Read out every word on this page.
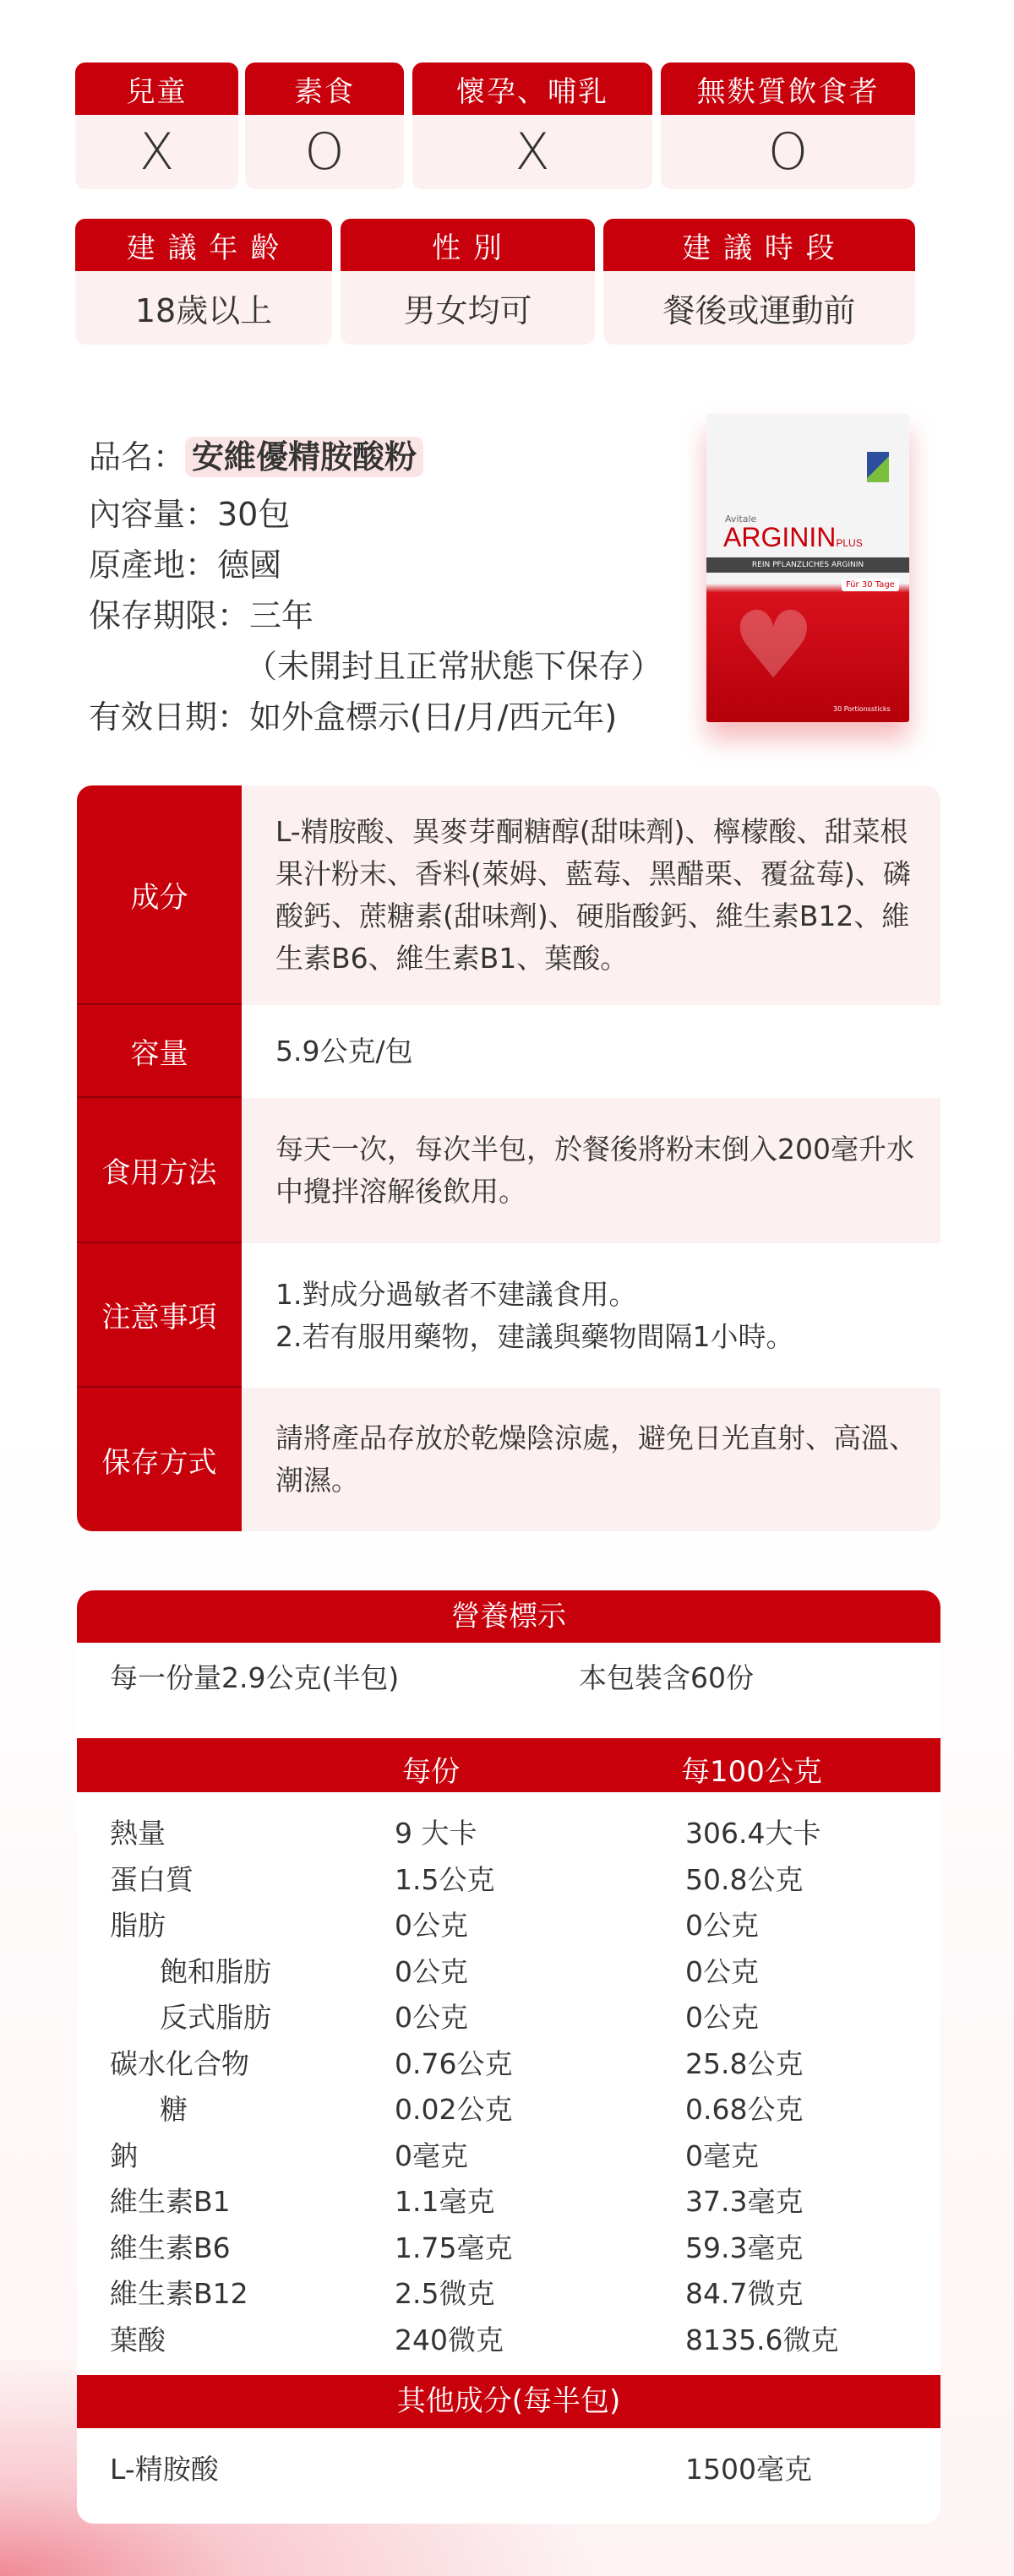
品名： 安維優精胺酸粉
內容量：30包
原產地：德國
保存期限：三年
（未開封且正常狀態下保存）
有效日期：如外盒標示(日/月/西元年)
Avitale
ARGININPLUS
REIN PFLANZLICHES ARGININ
Für 30 Tage
♥
30 Portionssticks
成分
L-精胺酸、異麥芽酮糖醇(甜味劑)、檸檬酸、甜菜根果汁粉末、香料(萊姆、藍莓、黑醋栗、覆盆莓)、磷酸鈣、蔗糖素(甜味劑)、硬脂酸鈣、維生素B12、維生素B6、維生素B1、葉酸。
容量	5.9公克/包
食用方法
每天一次，每次半包，於餐後將粉末倒入200毫升水中攪拌溶解後飲用。
注意事項
1.對成分過敏者不建議食用。
2.若有服用藥物，建議與藥物間隔1小時。
保存方式
請將產品存放於乾燥陰涼處，避免日光直射、高溫、潮濕。
營養標示
每一份量2.9公克(半包)	本包裝含60份
每份	每100公克
熱量	9 大卡	306.4大卡
蛋白質	1.5公克	50.8公克
脂肪	0公克	0公克
飽和脂肪	0公克	0公克
反式脂肪	0公克	0公克
碳水化合物	0.76公克	25.8公克
糖	0.02公克	0.68公克
鈉	0毫克	0毫克
維生素B1	1.1毫克	37.3毫克
維生素B6	1.75毫克	59.3毫克
維生素B12	2.5微克	84.7微克
葉酸	240微克	8135.6微克
其他成分(每半包)
L-精胺酸	1500毫克
兒童
X
素食
O
懷孕、哺乳
X
無麩質飲食者
O
建 議 年 齡
18歲以上
性 別
男女均可
建 議 時 段
餐後或運動前
